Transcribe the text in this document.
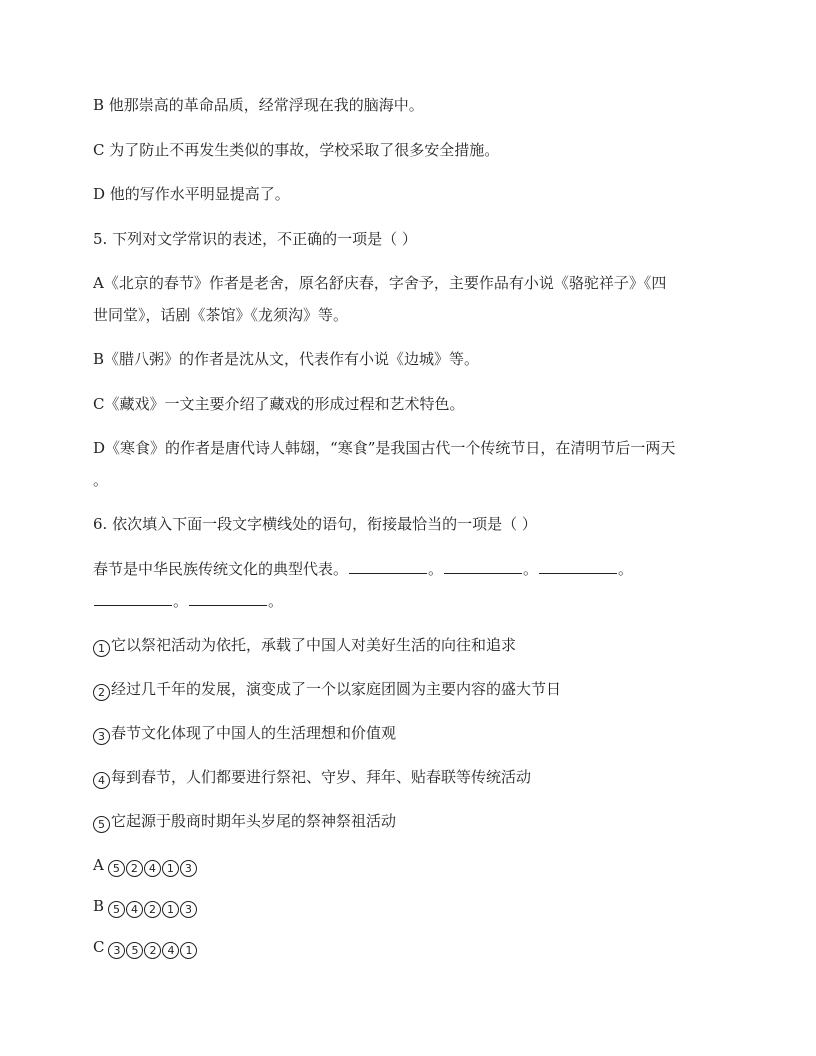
B 他那崇高的革命品质，经常浮现在我的脑海中。
C 为了防止不再发生类似的事故，学校采取了很多安全措施。
D 他的写作水平明显提高了。
5. 下列对文学常识的表述，不正确的一项是（ ）
A《北京的春节》作者是老舍，原名舒庆春，字舍予，主要作品有小说《骆驼祥子》《四
世同堂》，话剧《茶馆》《龙须沟》等。
B《腊八粥》的作者是沈从文，代表作有小说《边城》等。
C《藏戏》一文主要介绍了藏戏的形成过程和艺术特色。
D《寒食》的作者是唐代诗人韩翃，“寒食”是我国古代一个传统节日，在清明节后一两天
。
6. 依次填入下面一段文字横线处的语句，衔接最恰当的一项是（ ）
春节是中华民族传统文化的典型代表。	。	。	。
。	。
1 它以祭祀活动为依托，承载了中国人对美好生活的向往和追求
2 经过几千年的发展，演变成了一个以家庭团圆为主要内容的盛大节日
3 春节文化体现了中国人的生活理想和价值观
4 每到春节，人们都要进行祭祀、守岁、拜年、贴春联等传统活动
5 它起源于殷商时期年头岁尾的祭神祭祖活动
A 5 2 4 1 3
B 5 4 2 1 3
C 3 5 2 4 1
